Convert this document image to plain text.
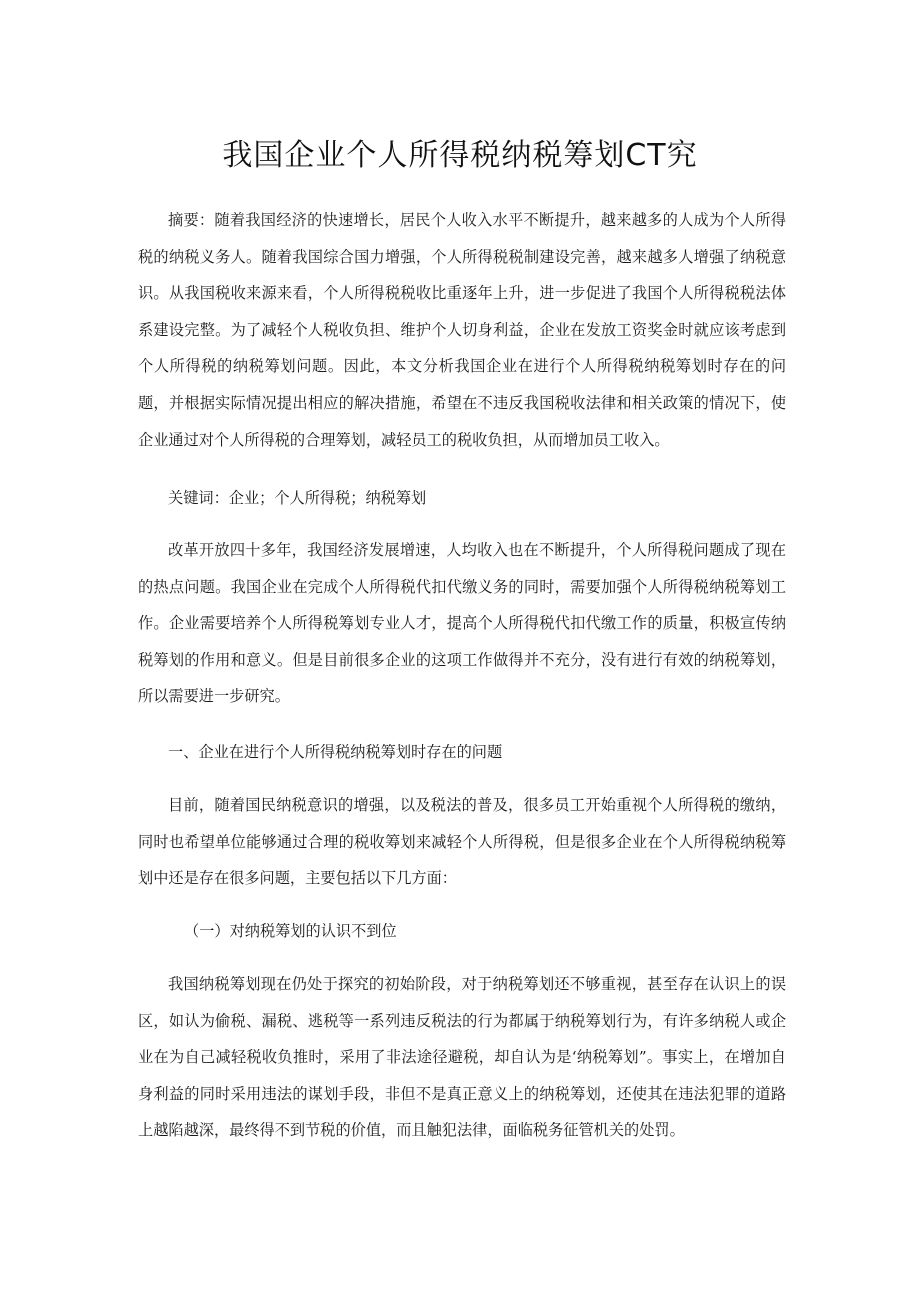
我国企业个人所得税纳税筹划CT究

摘要：随着我国经济的快速增长，居民个人收入水平不断提升，越来越多的人成为个人所得税的纳税义务人。随着我国综合国力增强，个人所得税税制建设完善，越来越多人增强了纳税意识。从我国税收来源来看，个人所得税税收比重逐年上升，进一步促进了我国个人所得税税法体系建设完整。为了减轻个人税收负担、维护个人切身利益，企业在发放工资奖金时就应该考虑到个人所得税的纳税筹划问题。因此，本文分析我国企业在进行个人所得税纳税筹划时存在的问题，并根据实际情况提出相应的解决措施，希望在不违反我国税收法律和相关政策的情况下，使企业通过对个人所得税的合理筹划，减轻员工的税收负担，从而增加员工收入。

关键词：企业；个人所得税；纳税筹划

改革开放四十多年，我国经济发展增速，人均收入也在不断提升，个人所得税问题成了现在的热点问题。我国企业在完成个人所得税代扣代缴义务的同时，需要加强个人所得税纳税筹划工作。企业需要培养个人所得税筹划专业人才，提高个人所得税代扣代缴工作的质量，积极宣传纳税筹划的作用和意义。但是目前很多企业的这项工作做得并不充分，没有进行有效的纳税筹划，所以需要进一步研究。

一、企业在进行个人所得税纳税筹划时存在的问题

目前，随着国民纳税意识的增强，以及税法的普及，很多员工开始重视个人所得税的缴纳，同时也希望单位能够通过合理的税收筹划来减轻个人所得税，但是很多企业在个人所得税纳税筹划中还是存在很多问题，主要包括以下几方面：

（一）对纳税筹划的认识不到位

我国纳税筹划现在仍处于探究的初始阶段，对于纳税筹划还不够重视，甚至存在认识上的误区，如认为偷税、漏税、逃税等一系列违反税法的行为都属于纳税筹划行为，有许多纳税人或企业在为自己减轻税收负推时，采用了非法途径避税，却自认为是‘纳税筹划”。事实上，在增加自身利益的同时采用违法的谋划手段，非但不是真正意义上的纳税筹划，还使其在违法犯罪的道路上越陷越深，最终得不到节税的价值，而且触犯法律，面临税务征管机关的处罚。
